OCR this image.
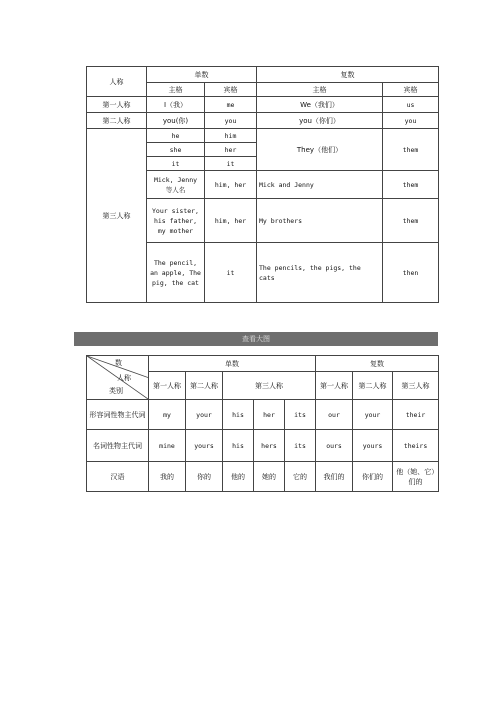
人称	单数		复数	
	主格	宾格	主格	宾格
第一人称	I（我）	me	We（我们）	us
第二人称	you(你)	you	you（你们）	you
第三人称	he	him	They（他们）	them
	she	her		
	it	it		
	Mick, Jenny 等人名	him, her	Mick and Jenny	them
	Your sister, his father, my mother	him, her	My brothers	them
	The pencil, an apple, The pig, the cat	it	The pencils, the pigs, the cats	then
查看大图
数
人称
类别	单数					复数		
	第一人称	第二人称	第三人称			第一人称	第二人称	第三人称
形容词性物主代词	my	your	his	her	its	our	your	their
名词性物主代词	mine	yours	his	hers	its	ours	yours	theirs
汉语	我的	你的	他的	她的	它的	我们的	你们的	他（她、它）们的
